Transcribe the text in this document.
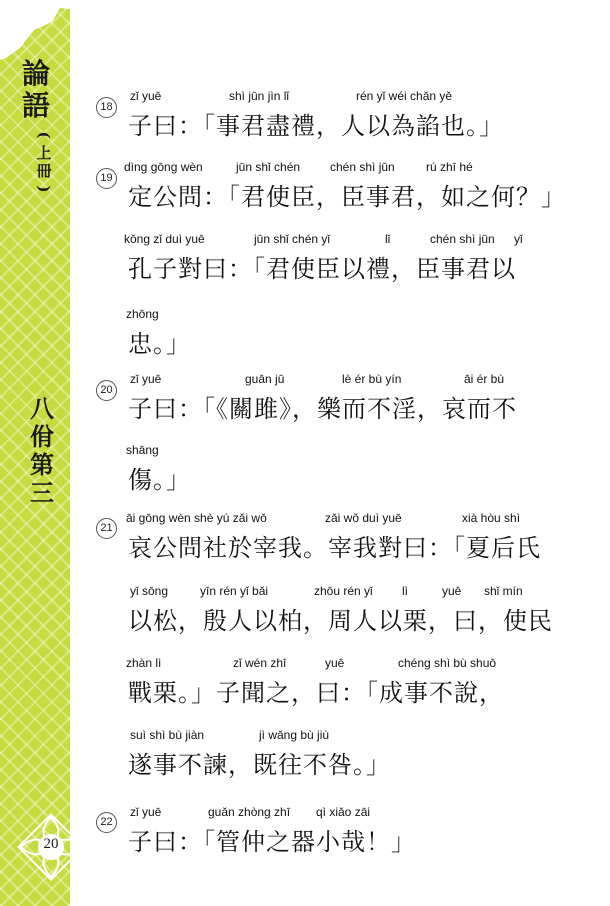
論
語
(
上
冊
)
八
佾
第
三
20
18
zǐ yuē	shì jūn jìn lǐ	rén yǐ wéi chǎn yě
子曰：「事君盡禮，人以為諂也。」
19
dìng gōng wèn	jūn shǐ chén chén shì jūn	rú zhī hé
定公問：「君使臣，臣事君，如之何？」
kǒng zǐ duì yuē	jūn shǐ chén yǐ	lǐ	chén shì jūn yǐ
孔子對曰：「君使臣以禮，臣事君以
zhōng
忠。」
20
zǐ yuē	guān jū	lè ér bù yín	āi ér bù
子曰：「《關雎》，樂而不淫，哀而不
shāng
傷。」
21
āi gōng wèn shè yú zǎi wǒ	zǎi wǒ duì yuē	xià hòu shì
哀公問社於宰我。宰我對曰：「夏后氏
yǐ sōng	yīn rén yǐ bǎi	zhōu rén yǐ lì	yuē shǐ mín
以松，殷人以柏，周人以栗，曰，使民
zhàn lì	zǐ wén zhī	yuē	chéng shì bù shuō
戰栗。」子聞之，曰：「成事不說，
suì shì bù jiàn	jì wǎng bù jiù
遂事不諫，既往不咎。」
22
zǐ yuē	guǎn zhòng zhī qì xiǎo zāi
子曰：「管仲之器小哉！」
